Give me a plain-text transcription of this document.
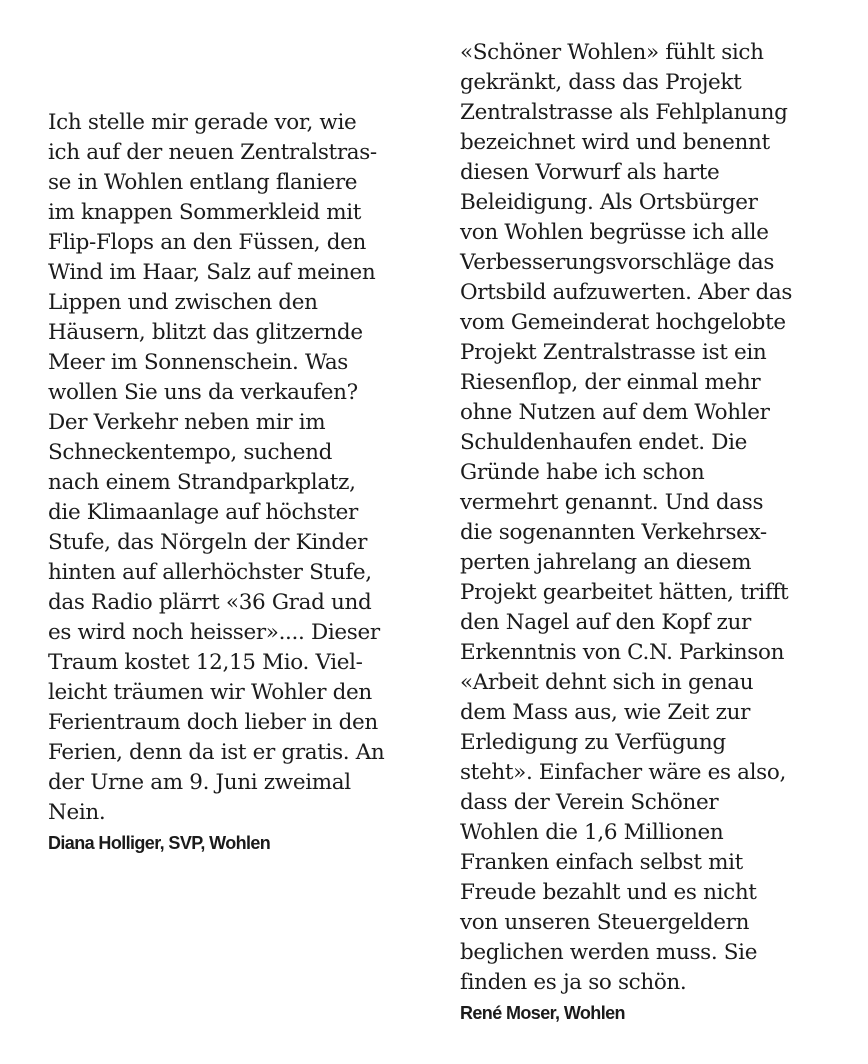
Ich stelle mir gerade vor, wie
ich auf der neuen Zentralstras-
se in Wohlen entlang flaniere
im knappen Sommerkleid mit
Flip-Flops an den Füssen, den
Wind im Haar, Salz auf meinen
Lippen und zwischen den
Häusern, blitzt das glitzernde
Meer im Sonnenschein. Was
wollen Sie uns da verkaufen?
Der Verkehr neben mir im
Schneckentempo, suchend
nach einem Strandparkplatz,
die Klimaanlage auf höchster
Stufe, das Nörgeln der Kinder
hinten auf allerhöchster Stufe,
das Radio plärrt «36 Grad und
es wird noch heisser».... Dieser
Traum kostet 12,15 Mio. Viel-
leicht träumen wir Wohler den
Ferientraum doch lieber in den
Ferien, denn da ist er gratis. An
der Urne am 9. Juni zweimal
Nein.
Diana Holliger, SVP, Wohlen
«Schöner Wohlen» fühlt sich
gekränkt, dass das Projekt
Zentralstrasse als Fehlplanung
bezeichnet wird und benennt
diesen Vorwurf als harte
Beleidigung. Als Ortsbürger
von Wohlen begrüsse ich alle
Verbesserungsvorschläge das
Ortsbild aufzuwerten. Aber das
vom Gemeinderat hochgelobte
Projekt Zentralstrasse ist ein
Riesenflop, der einmal mehr
ohne Nutzen auf dem Wohler
Schuldenhaufen endet. Die
Gründe habe ich schon
vermehrt genannt. Und dass
die sogenannten Verkehrsex-
perten jahrelang an diesem
Projekt gearbeitet hätten, trifft
den Nagel auf den Kopf zur
Erkenntnis von C.N. Parkinson
«Arbeit dehnt sich in genau
dem Mass aus, wie Zeit zur
Erledigung zu Verfügung
steht». Einfacher wäre es also,
dass der Verein Schöner
Wohlen die 1,6 Millionen
Franken einfach selbst mit
Freude bezahlt und es nicht
von unseren Steuergeldern
beglichen werden muss. Sie
finden es ja so schön.
René Moser, Wohlen
